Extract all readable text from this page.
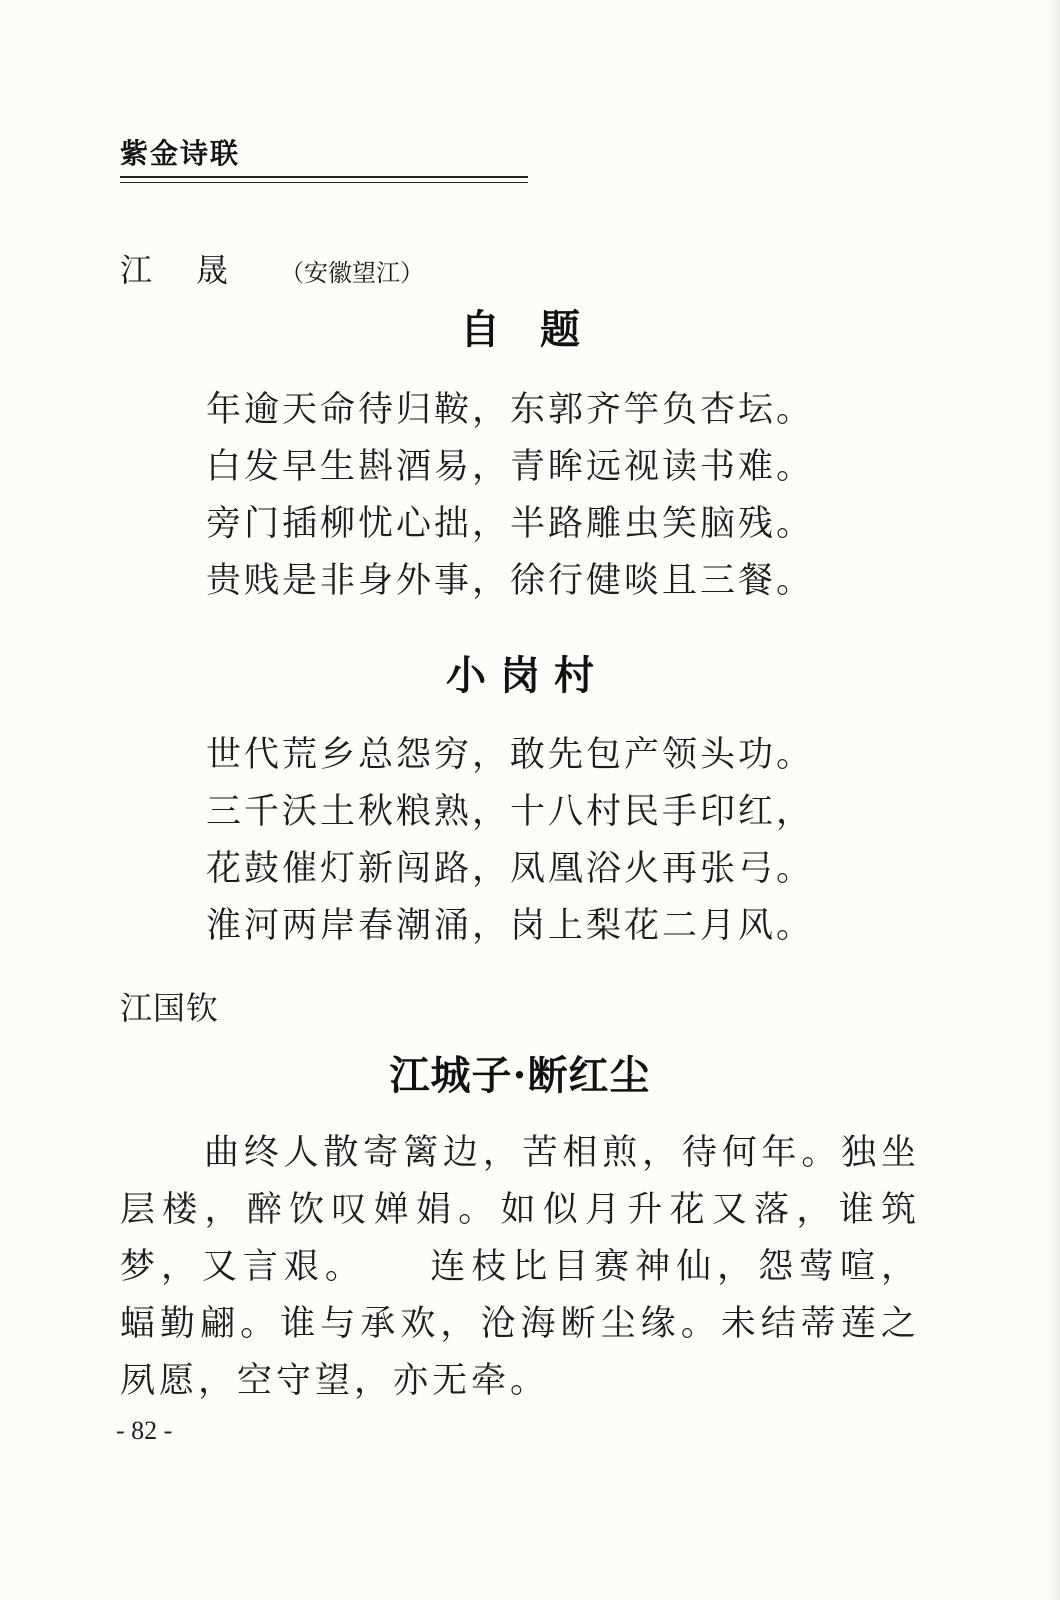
紫金诗联
江晟 （安徽望江）
自题
年逾天命待归鞍，东郭齐竽负杏坛。
白发早生斟酒易，青眸远视读书难。
旁门插柳忧心拙，半路雕虫笑脑残。
贵贱是非身外事，徐行健啖且三餐。
小岗村
世代荒乡总怨穷，敢先包产领头功。
三千沃土秋粮熟，十八村民手印红，
花鼓催灯新闯路，凤凰浴火再张弓。
淮河两岸春潮涌，岗上梨花二月风。
江国钦
江城子·断红尘
曲终人散寄篱边，苦相煎，待何年。独坐层楼，醉饮叹婵娟。如似月升花又落，谁筑梦，又言艰。　　连枝比目赛神仙，怨莺喧，蝠勤翩。谁与承欢，沧海断尘缘。未结蒂莲之夙愿，空守望，亦无牵。
- 82 -
